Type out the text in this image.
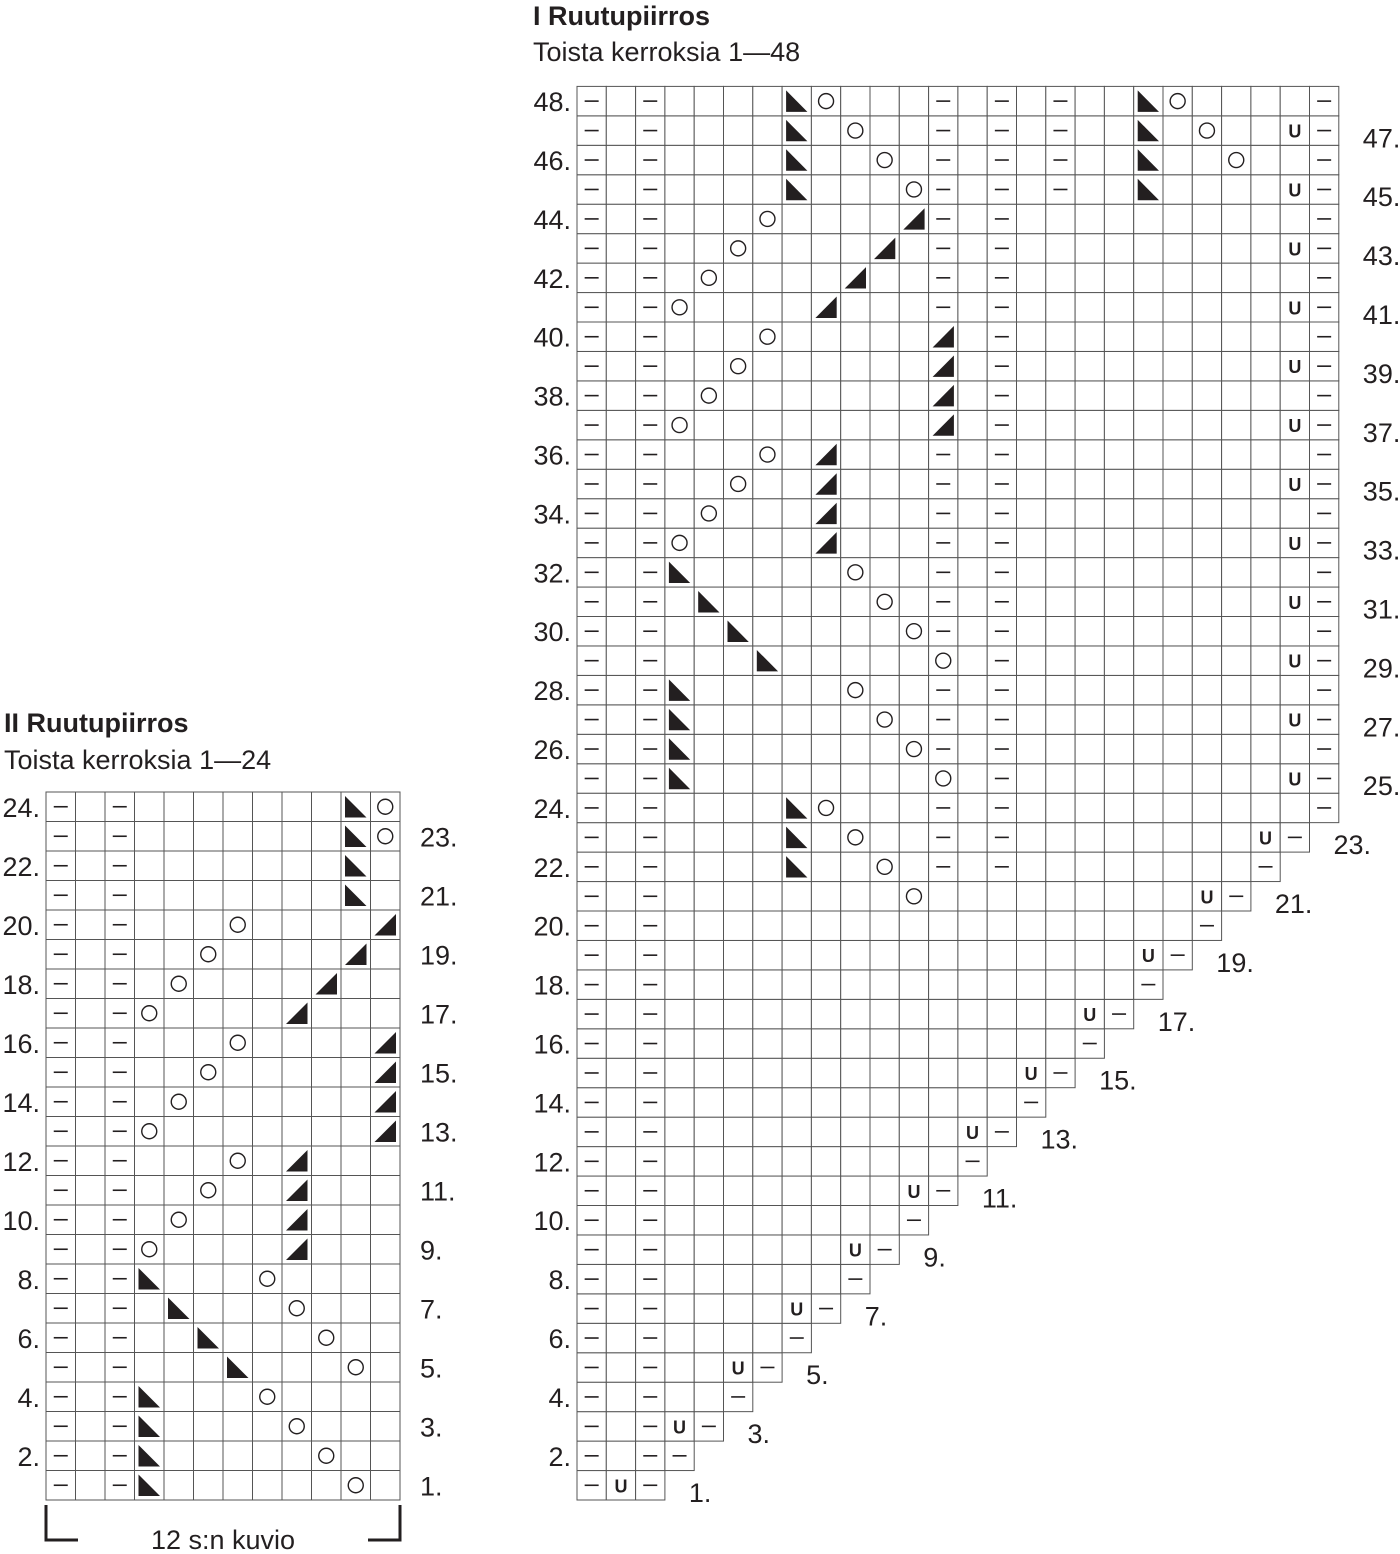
I Ruutupiirros
Toista kerroksia 1—48
II Ruutupiirros
Toista kerroksia 1—24
U 1.
2.
U 3.
4.
U 5.
6.
U 7.
8.
U 9.
10.
U 11.
12.
U 13.
14.
U 15.
16.
U 17.
18.
U 19.
20.
U 21.
22.
U 23.
24.
U 25.
26.
U 27.
28.
U 29.
30.
U 31.
32.
U 33.
34.
U 35.
36.
U 37.
38.
U 39.
40.
U 41.
42.
U 43.
44.
U 45.
46.
U 47.
48.
1.
2.
3.
4.
5.
6.
7.
8.
9.
10.
11.
12.
13.
14.
15.
16.
17.
18.
19.
20.
21.
22.
23.
24.
12 s:n kuvio
